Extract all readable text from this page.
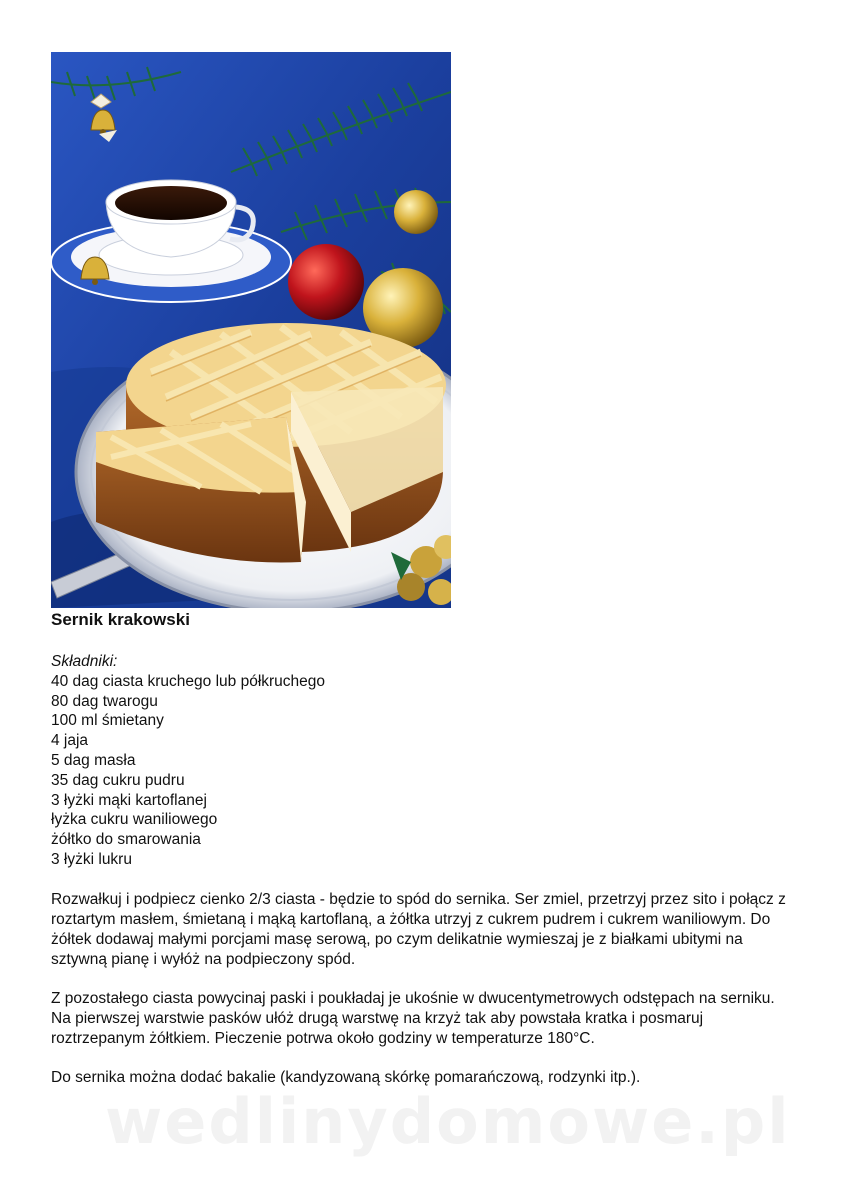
Sernik krakowski
Składniki:
40 dag ciasta kruchego lub półkruchego
80 dag twarogu
100 ml śmietany
4 jaja
5 dag masła
35 dag cukru pudru
3 łyżki mąki kartoflanej
łyżka cukru waniliowego
żółtko do smarowania
3 łyżki lukru

Rozwałkuj i podpiecz cienko 2/3 ciasta - będzie to spód do sernika. Ser zmiel, przetrzyj przez sito i połącz z roztartym masłem, śmietaną i mąką kartoflaną, a żółtka utrzyj z cukrem pudrem i cukrem waniliowym. Do żółtek dodawaj małymi porcjami masę serową, po czym delikatnie wymieszaj je z białkami ubitymi na sztywną pianę i wyłóż na podpieczony spód.

Z pozostałego ciasta powycinaj paski i poukładaj je ukośnie w dwucentymetrowych odstępach na serniku. Na pierwszej warstwie pasków ułóż drugą warstwę na krzyż tak aby powstała kratka i posmaruj roztrzepanym żółtkiem. Pieczenie potrwa około godziny w temperaturze 180°C.

Do sernika można dodać bakalie (kandyzowaną skórkę pomarańczową, rodzynki itp.).

wedlinydomowe.pl
